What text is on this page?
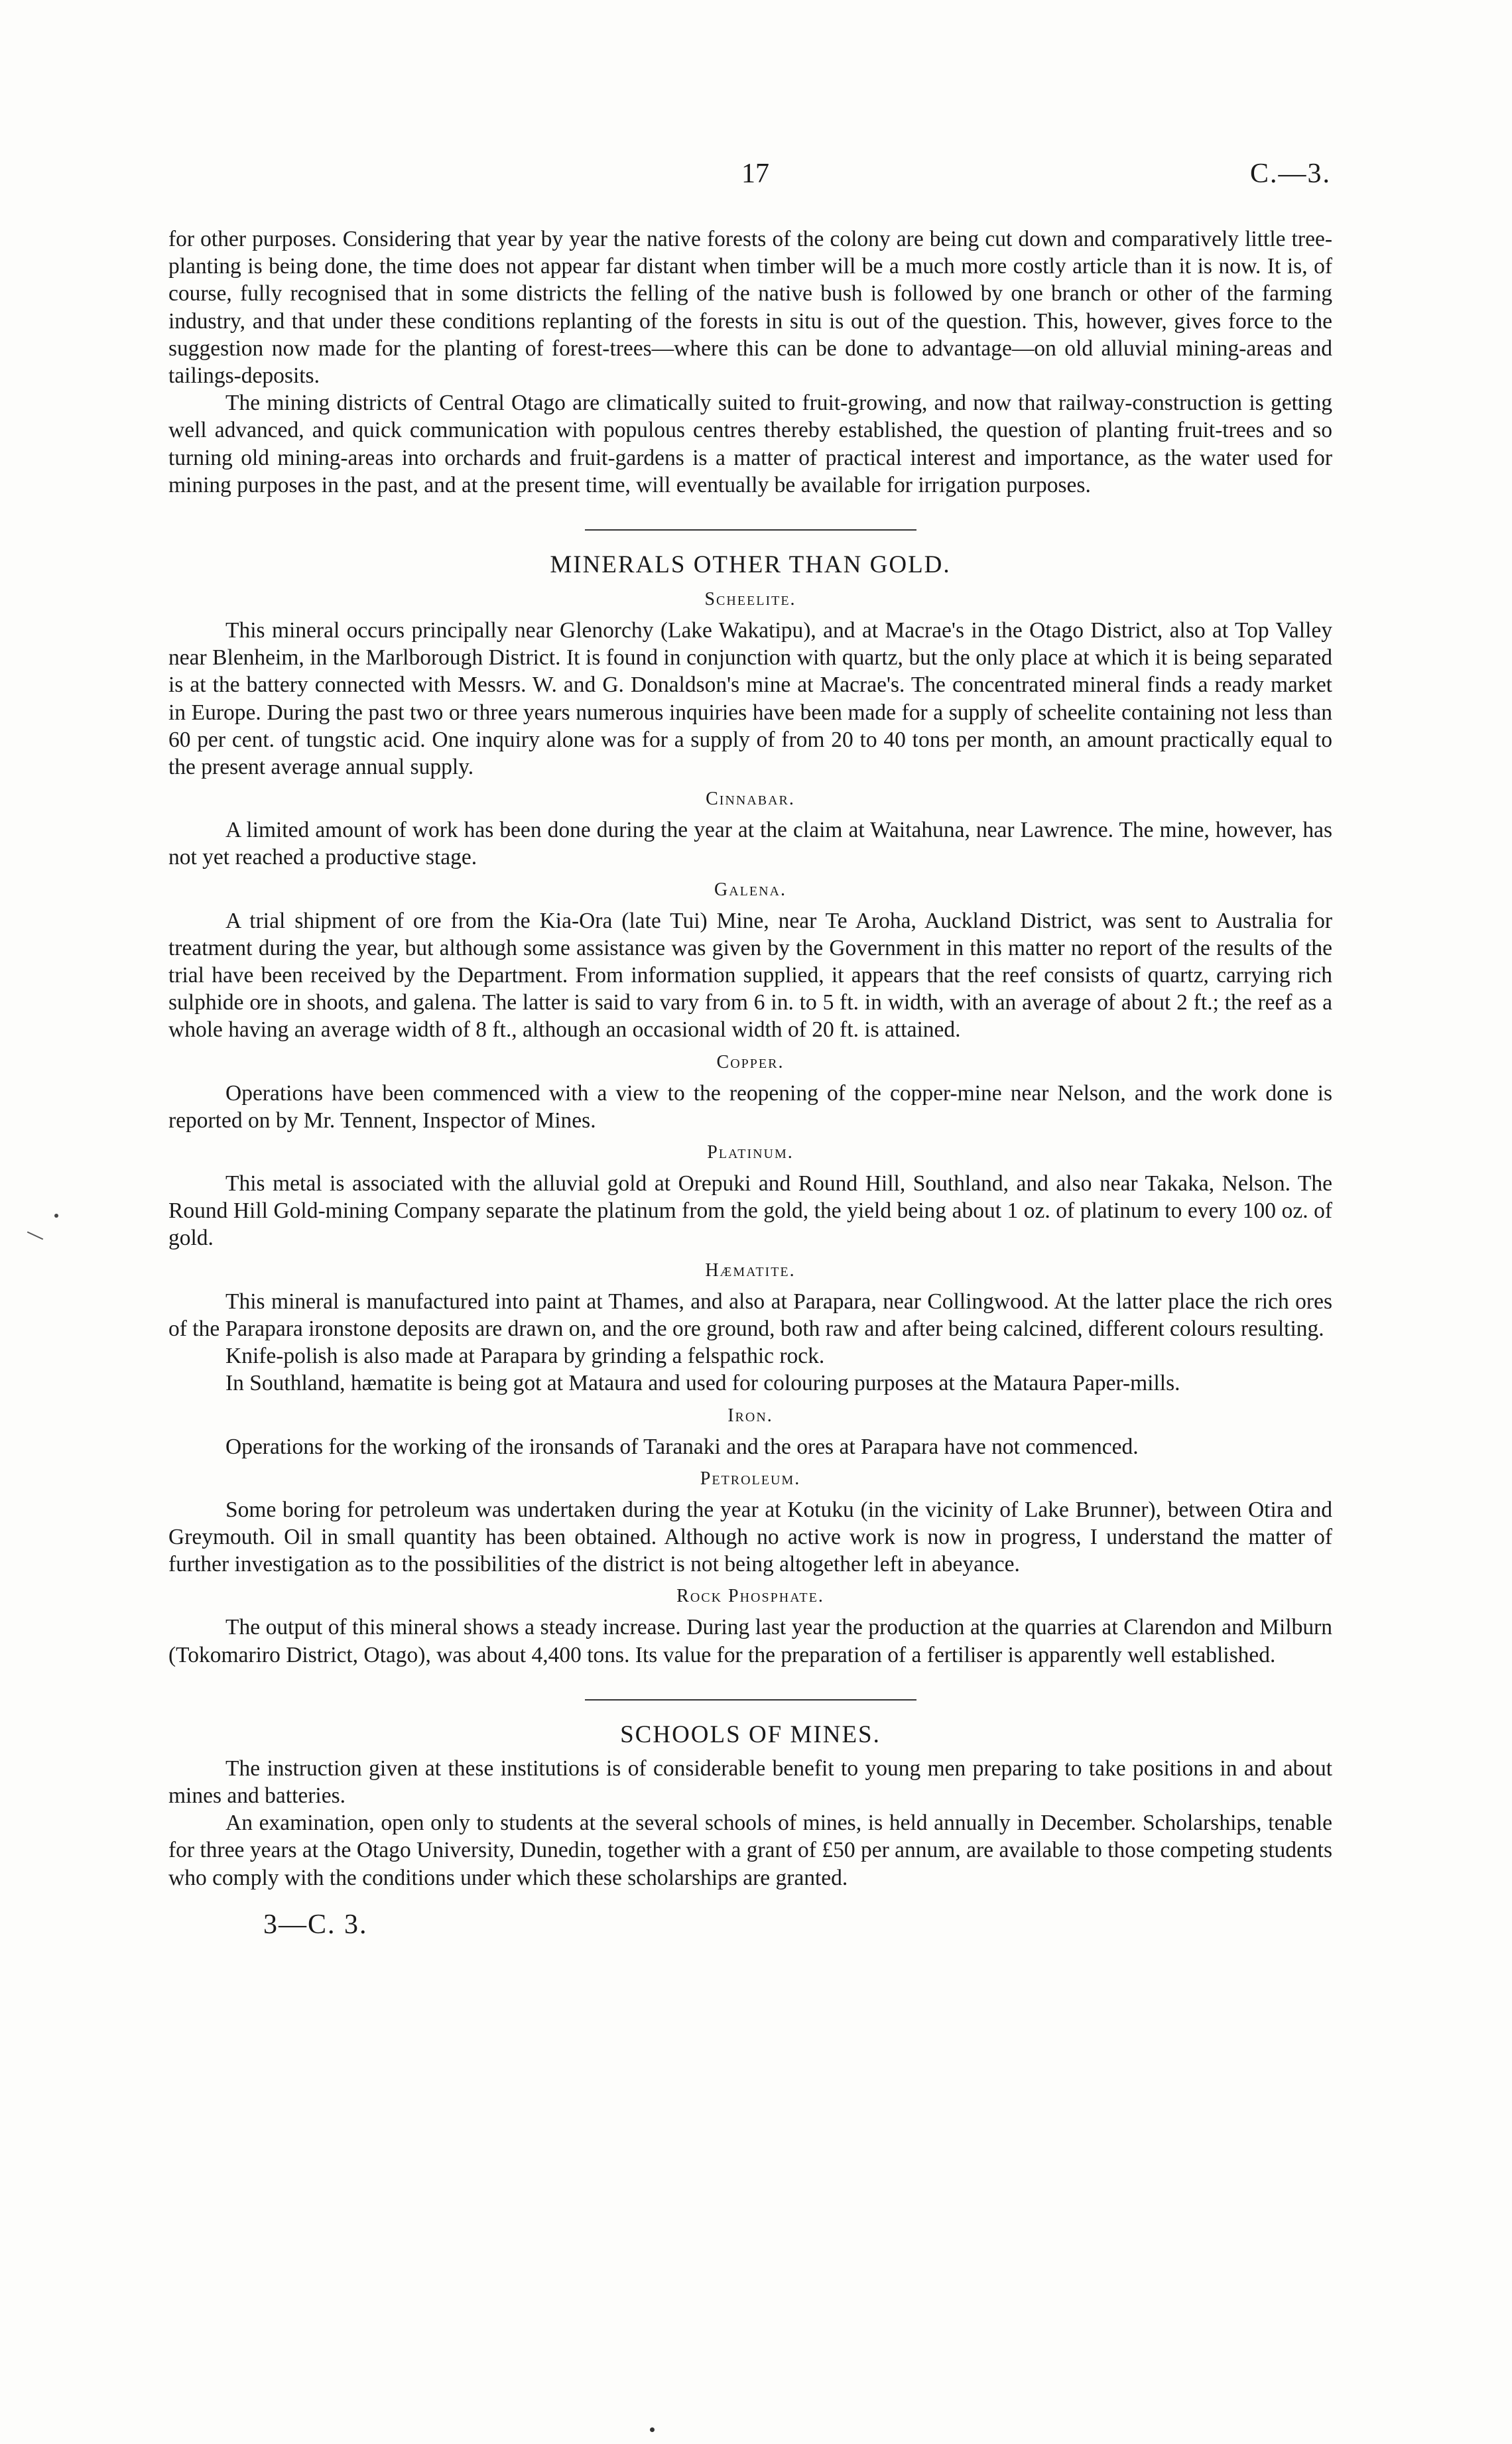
17	C.—3.

for other purposes. Considering that year by year the native forests of the colony are being cut down and comparatively little tree-planting is being done, the time does not appear far distant when timber will be a much more costly article than it is now. It is, of course, fully recognised that in some districts the felling of the native bush is followed by one branch or other of the farming industry, and that under these conditions replanting of the forests in situ is out of the question. This, however, gives force to the suggestion now made for the planting of forest-trees—where this can be done to advantage—on old alluvial mining-areas and tailings-deposits.

The mining districts of Central Otago are climatically suited to fruit-growing, and now that railway-construction is getting well advanced, and quick communication with populous centres thereby established, the question of planting fruit-trees and so turning old mining-areas into orchards and fruit-gardens is a matter of practical interest and importance, as the water used for mining purposes in the past, and at the present time, will eventually be available for irrigation purposes.

MINERALS OTHER THAN GOLD.
Scheelite.

This mineral occurs principally near Glenorchy (Lake Wakatipu), and at Macrae's in the Otago District, also at Top Valley near Blenheim, in the Marlborough District. It is found in conjunction with quartz, but the only place at which it is being separated is at the battery connected with Messrs. W. and G. Donaldson's mine at Macrae's. The concentrated mineral finds a ready market in Europe. During the past two or three years numerous inquiries have been made for a supply of scheelite containing not less than 60 per cent. of tungstic acid. One inquiry alone was for a supply of from 20 to 40 tons per month, an amount practically equal to the present average annual supply.

Cinnabar.

A limited amount of work has been done during the year at the claim at Waitahuna, near Lawrence. The mine, however, has not yet reached a productive stage.

Galena.

A trial shipment of ore from the Kia-Ora (late Tui) Mine, near Te Aroha, Auckland District, was sent to Australia for treatment during the year, but although some assistance was given by the Government in this matter no report of the results of the trial have been received by the Department. From information supplied, it appears that the reef consists of quartz, carrying rich sulphide ore in shoots, and galena. The latter is said to vary from 6 in. to 5 ft. in width, with an average of about 2 ft.; the reef as a whole having an average width of 8 ft., although an occasional width of 20 ft. is attained.

Copper.

Operations have been commenced with a view to the reopening of the copper-mine near Nelson, and the work done is reported on by Mr. Tennent, Inspector of Mines.

Platinum.

This metal is associated with the alluvial gold at Orepuki and Round Hill, Southland, and also near Takaka, Nelson. The Round Hill Gold-mining Company separate the platinum from the gold, the yield being about 1 oz. of platinum to every 100 oz. of gold.

Hæmatite.

This mineral is manufactured into paint at Thames, and also at Parapara, near Collingwood. At the latter place the rich ores of the Parapara ironstone deposits are drawn on, and the ore ground, both raw and after being calcined, different colours resulting.

Knife-polish is also made at Parapara by grinding a felspathic rock.

In Southland, hæmatite is being got at Mataura and used for colouring purposes at the Mataura Paper-mills.

Iron.

Operations for the working of the ironsands of Taranaki and the ores at Parapara have not commenced.

Petroleum.

Some boring for petroleum was undertaken during the year at Kotuku (in the vicinity of Lake Brunner), between Otira and Greymouth. Oil in small quantity has been obtained. Although no active work is now in progress, I understand the matter of further investigation as to the possibilities of the district is not being altogether left in abeyance.

Rock Phosphate.

The output of this mineral shows a steady increase. During last year the production at the quarries at Clarendon and Milburn (Tokomariro District, Otago), was about 4,400 tons. Its value for the preparation of a fertiliser is apparently well established.

SCHOOLS OF MINES.

The instruction given at these institutions is of considerable benefit to young men preparing to take positions in and about mines and batteries.

An examination, open only to students at the several schools of mines, is held annually in December. Scholarships, tenable for three years at the Otago University, Dunedin, together with a grant of £50 per annum, are available to those competing students who comply with the conditions under which these scholarships are granted.

3—C. 3.
